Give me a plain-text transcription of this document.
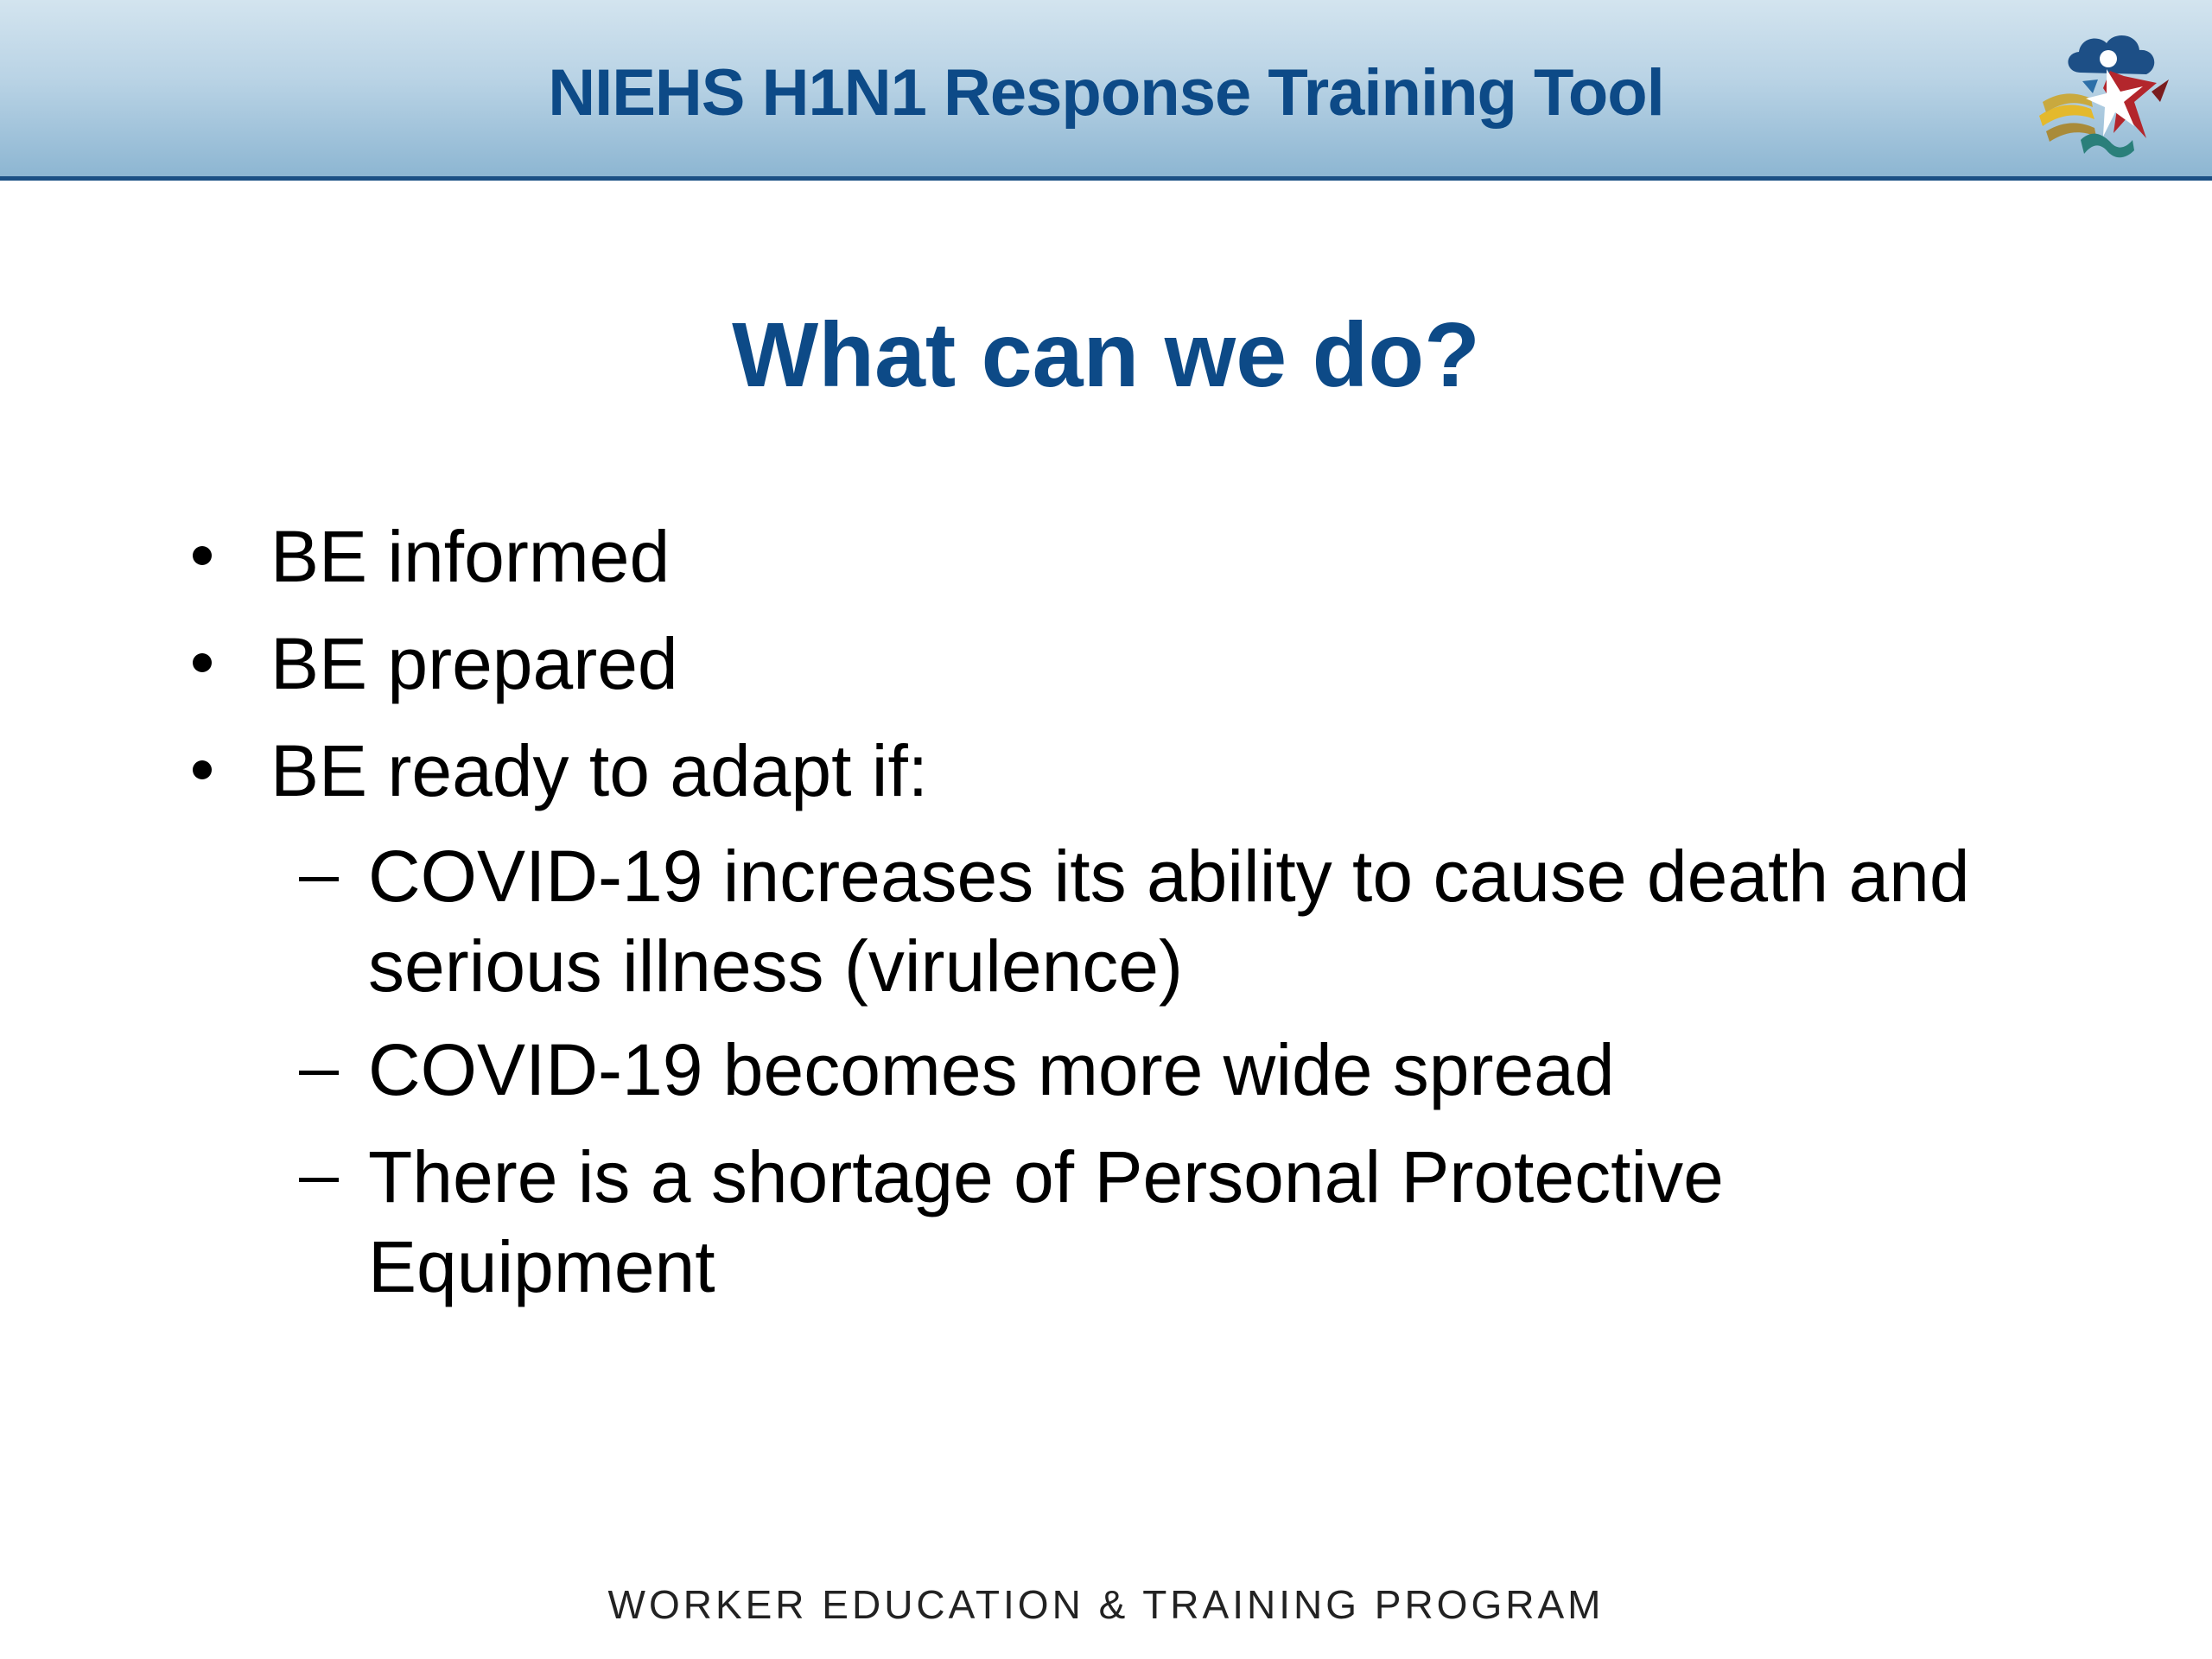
NIEHS H1N1 Response Training Tool
What can we do?
BE informed
BE prepared
BE ready to adapt if:
COVID-19 increases its ability to cause death and
serious illness (virulence)
COVID-19 becomes more wide spread
There is a shortage of Personal Protective
Equipment
WORKER EDUCATION & TRAINING PROGRAM
